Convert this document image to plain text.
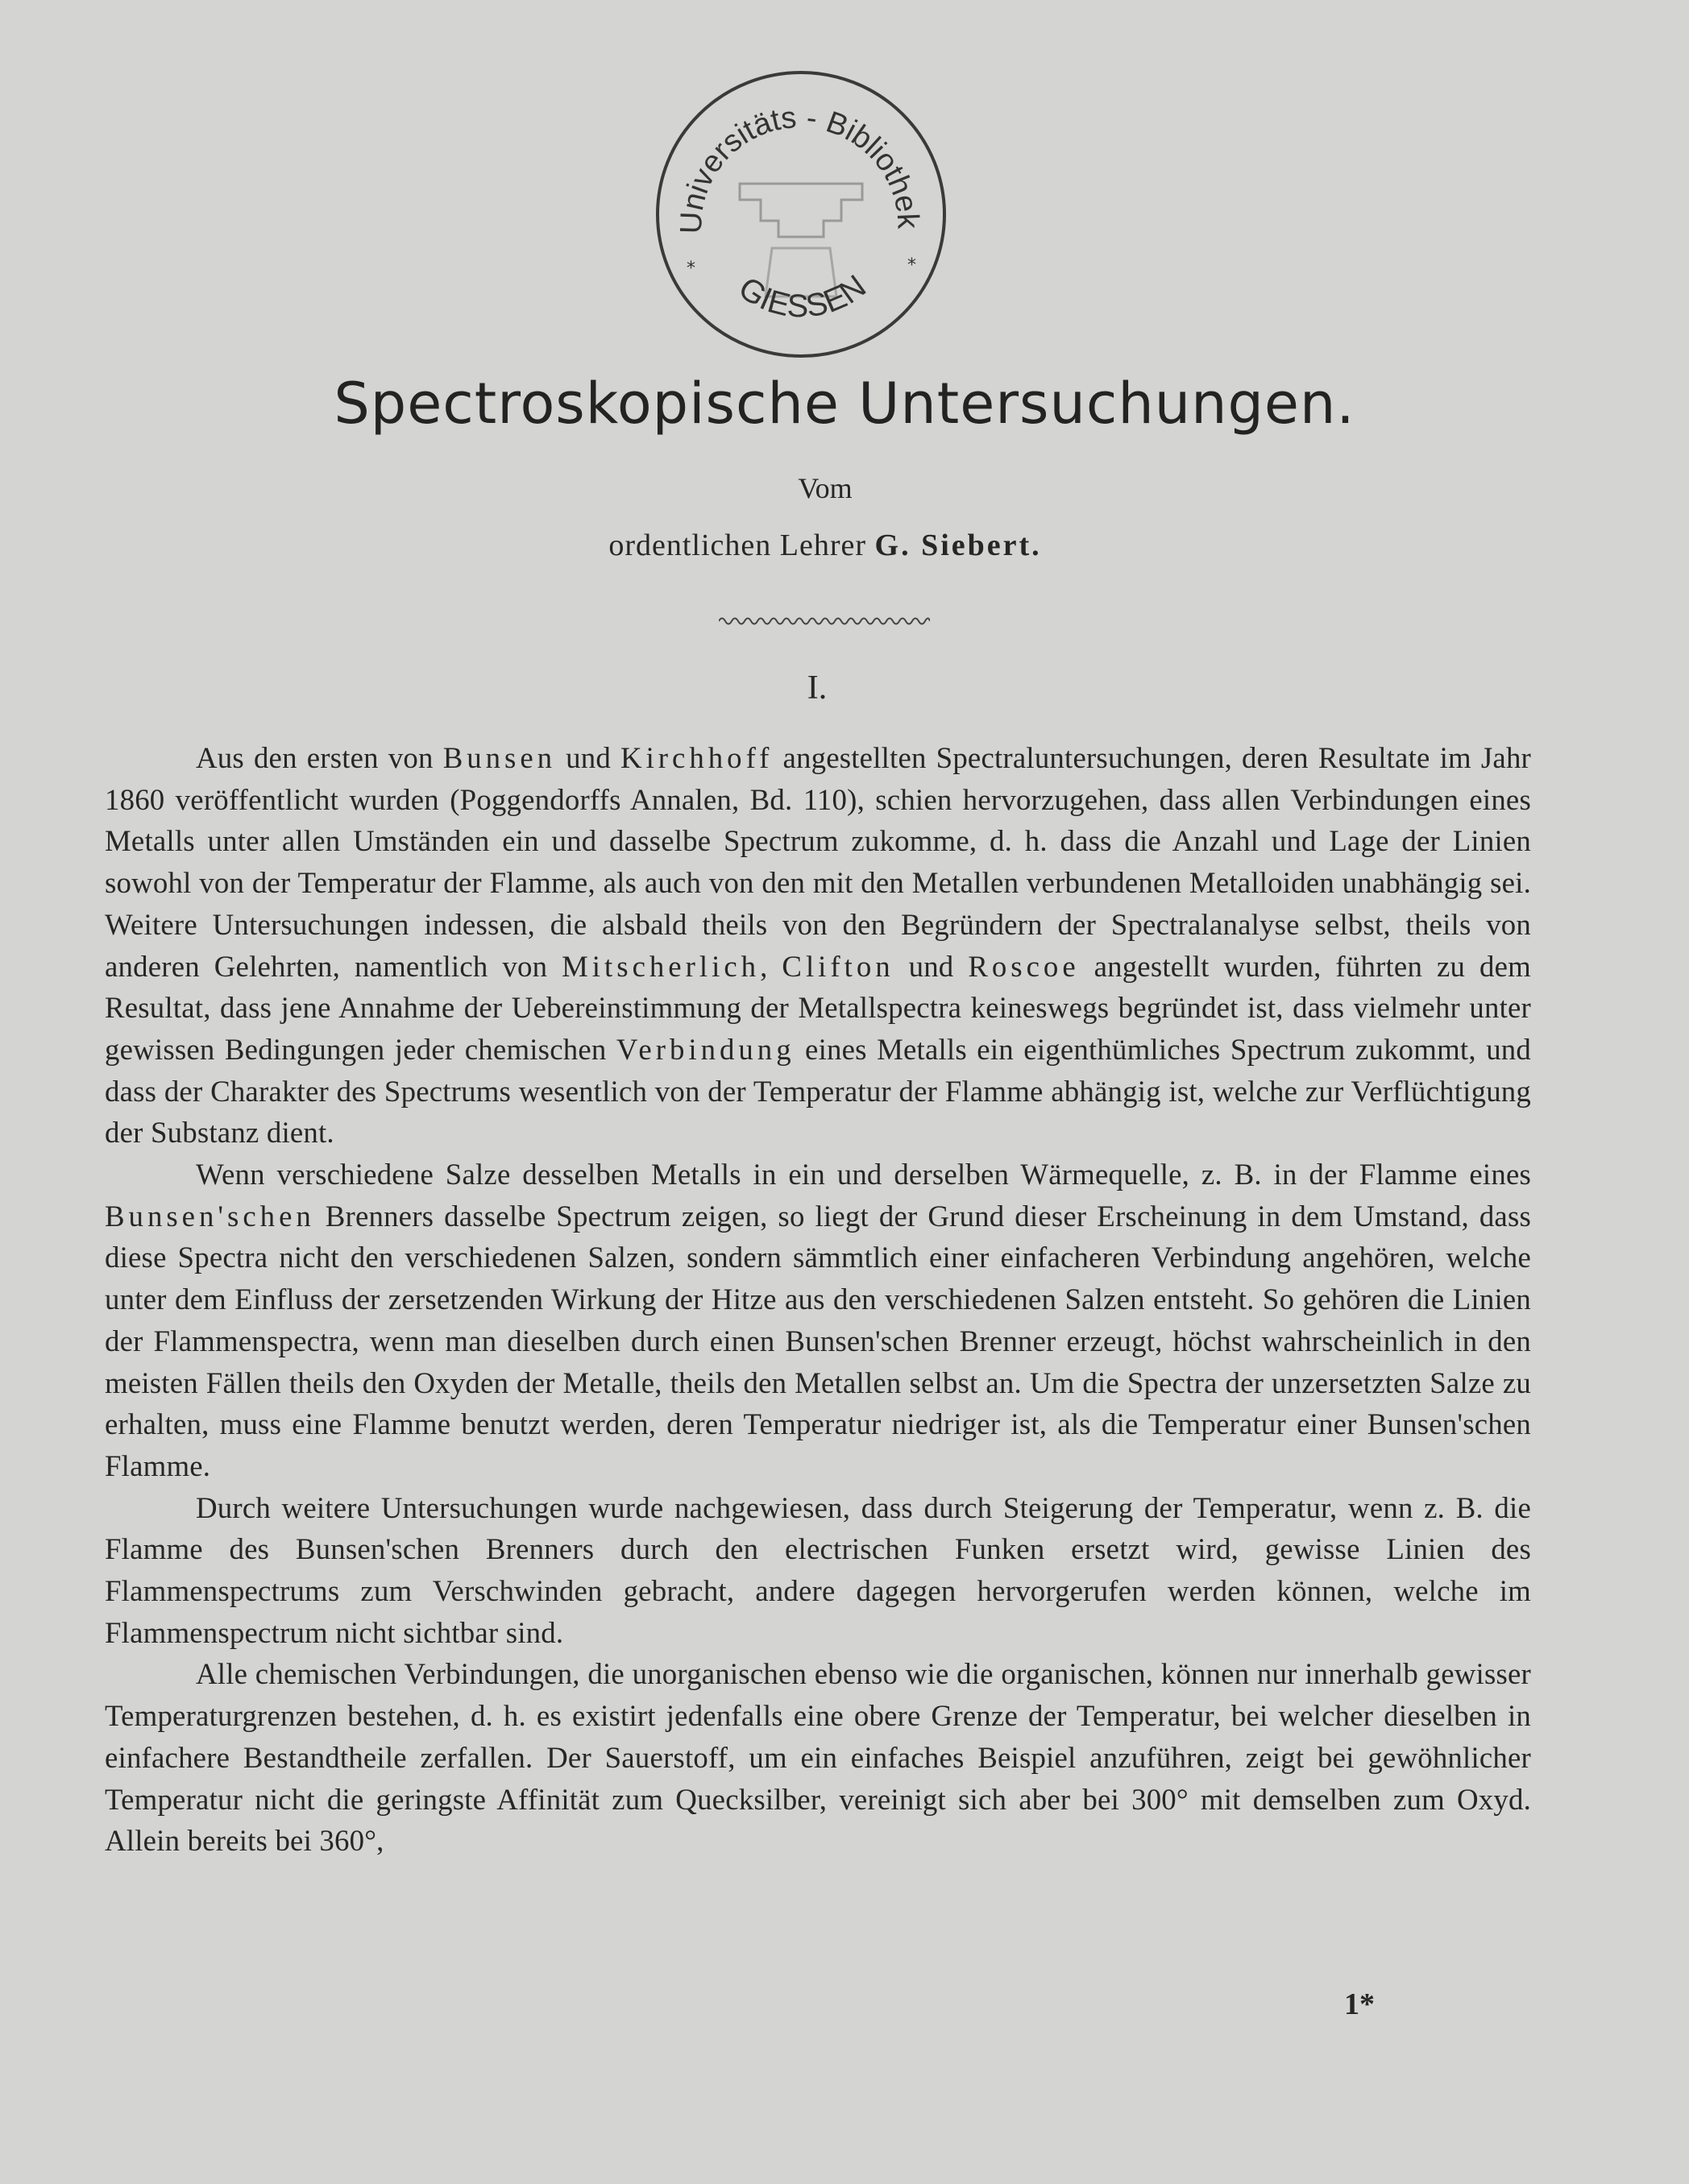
Universitäts - Bibliothek
GIESSEN
*	*
Spectroskopische Untersuchungen.
Vom
ordentlichen Lehrer G. Siebert.
I.

Aus den ersten von Bunsen und Kirchhoff angestellten Spectraluntersuchungen, deren Resultate im Jahr 1860 veröffentlicht wurden (Poggendorffs Annalen, Bd. 110), schien hervorzugehen, dass allen Verbindungen eines Metalls unter allen Umständen ein und dasselbe Spectrum zukomme, d. h. dass die Anzahl und Lage der Linien sowohl von der Temperatur der Flamme, als auch von den mit den Metallen verbundenen Metalloiden unabhängig sei. Weitere Untersuchungen indessen, die alsbald theils von den Begründern der Spectralanalyse selbst, theils von anderen Gelehrten, namentlich von Mitscherlich, Clifton und Roscoe angestellt wurden, führten zu dem Resultat, dass jene Annahme der Uebereinstimmung der Metallspectra keineswegs begründet ist, dass vielmehr unter gewissen Bedingungen jeder chemischen Verbindung eines Metalls ein eigenthümliches Spectrum zukommt, und dass der Charakter des Spectrums wesentlich von der Temperatur der Flamme abhängig ist, welche zur Verflüchtigung der Substanz dient.

Wenn verschiedene Salze desselben Metalls in ein und derselben Wärmequelle, z. B. in der Flamme eines Bunsen'schen Brenners dasselbe Spectrum zeigen, so liegt der Grund dieser Erscheinung in dem Umstand, dass diese Spectra nicht den verschiedenen Salzen, sondern sämmtlich einer einfacheren Verbindung angehören, welche unter dem Einfluss der zersetzenden Wirkung der Hitze aus den verschiedenen Salzen entsteht. So gehören die Linien der Flammenspectra, wenn man dieselben durch einen Bunsen'schen Brenner erzeugt, höchst wahrscheinlich in den meisten Fällen theils den Oxyden der Metalle, theils den Metallen selbst an. Um die Spectra der unzersetzten Salze zu erhalten, muss eine Flamme benutzt werden, deren Temperatur niedriger ist, als die Temperatur einer Bunsen'schen Flamme.

Durch weitere Untersuchungen wurde nachgewiesen, dass durch Steigerung der Temperatur, wenn z. B. die Flamme des Bunsen'schen Brenners durch den electrischen Funken ersetzt wird, gewisse Linien des Flammenspectrums zum Verschwinden gebracht, andere dagegen hervorgerufen werden können, welche im Flammenspectrum nicht sichtbar sind.

Alle chemischen Verbindungen, die unorganischen ebenso wie die organischen, können nur innerhalb gewisser Temperaturgrenzen bestehen, d. h. es existirt jedenfalls eine obere Grenze der Temperatur, bei welcher dieselben in einfachere Bestandtheile zerfallen. Der Sauerstoff, um ein einfaches Beispiel anzuführen, zeigt bei gewöhnlicher Temperatur nicht die geringste Affinität zum Quecksilber, vereinigt sich aber bei 300° mit demselben zum Oxyd. Allein bereits bei 360°,

1*
